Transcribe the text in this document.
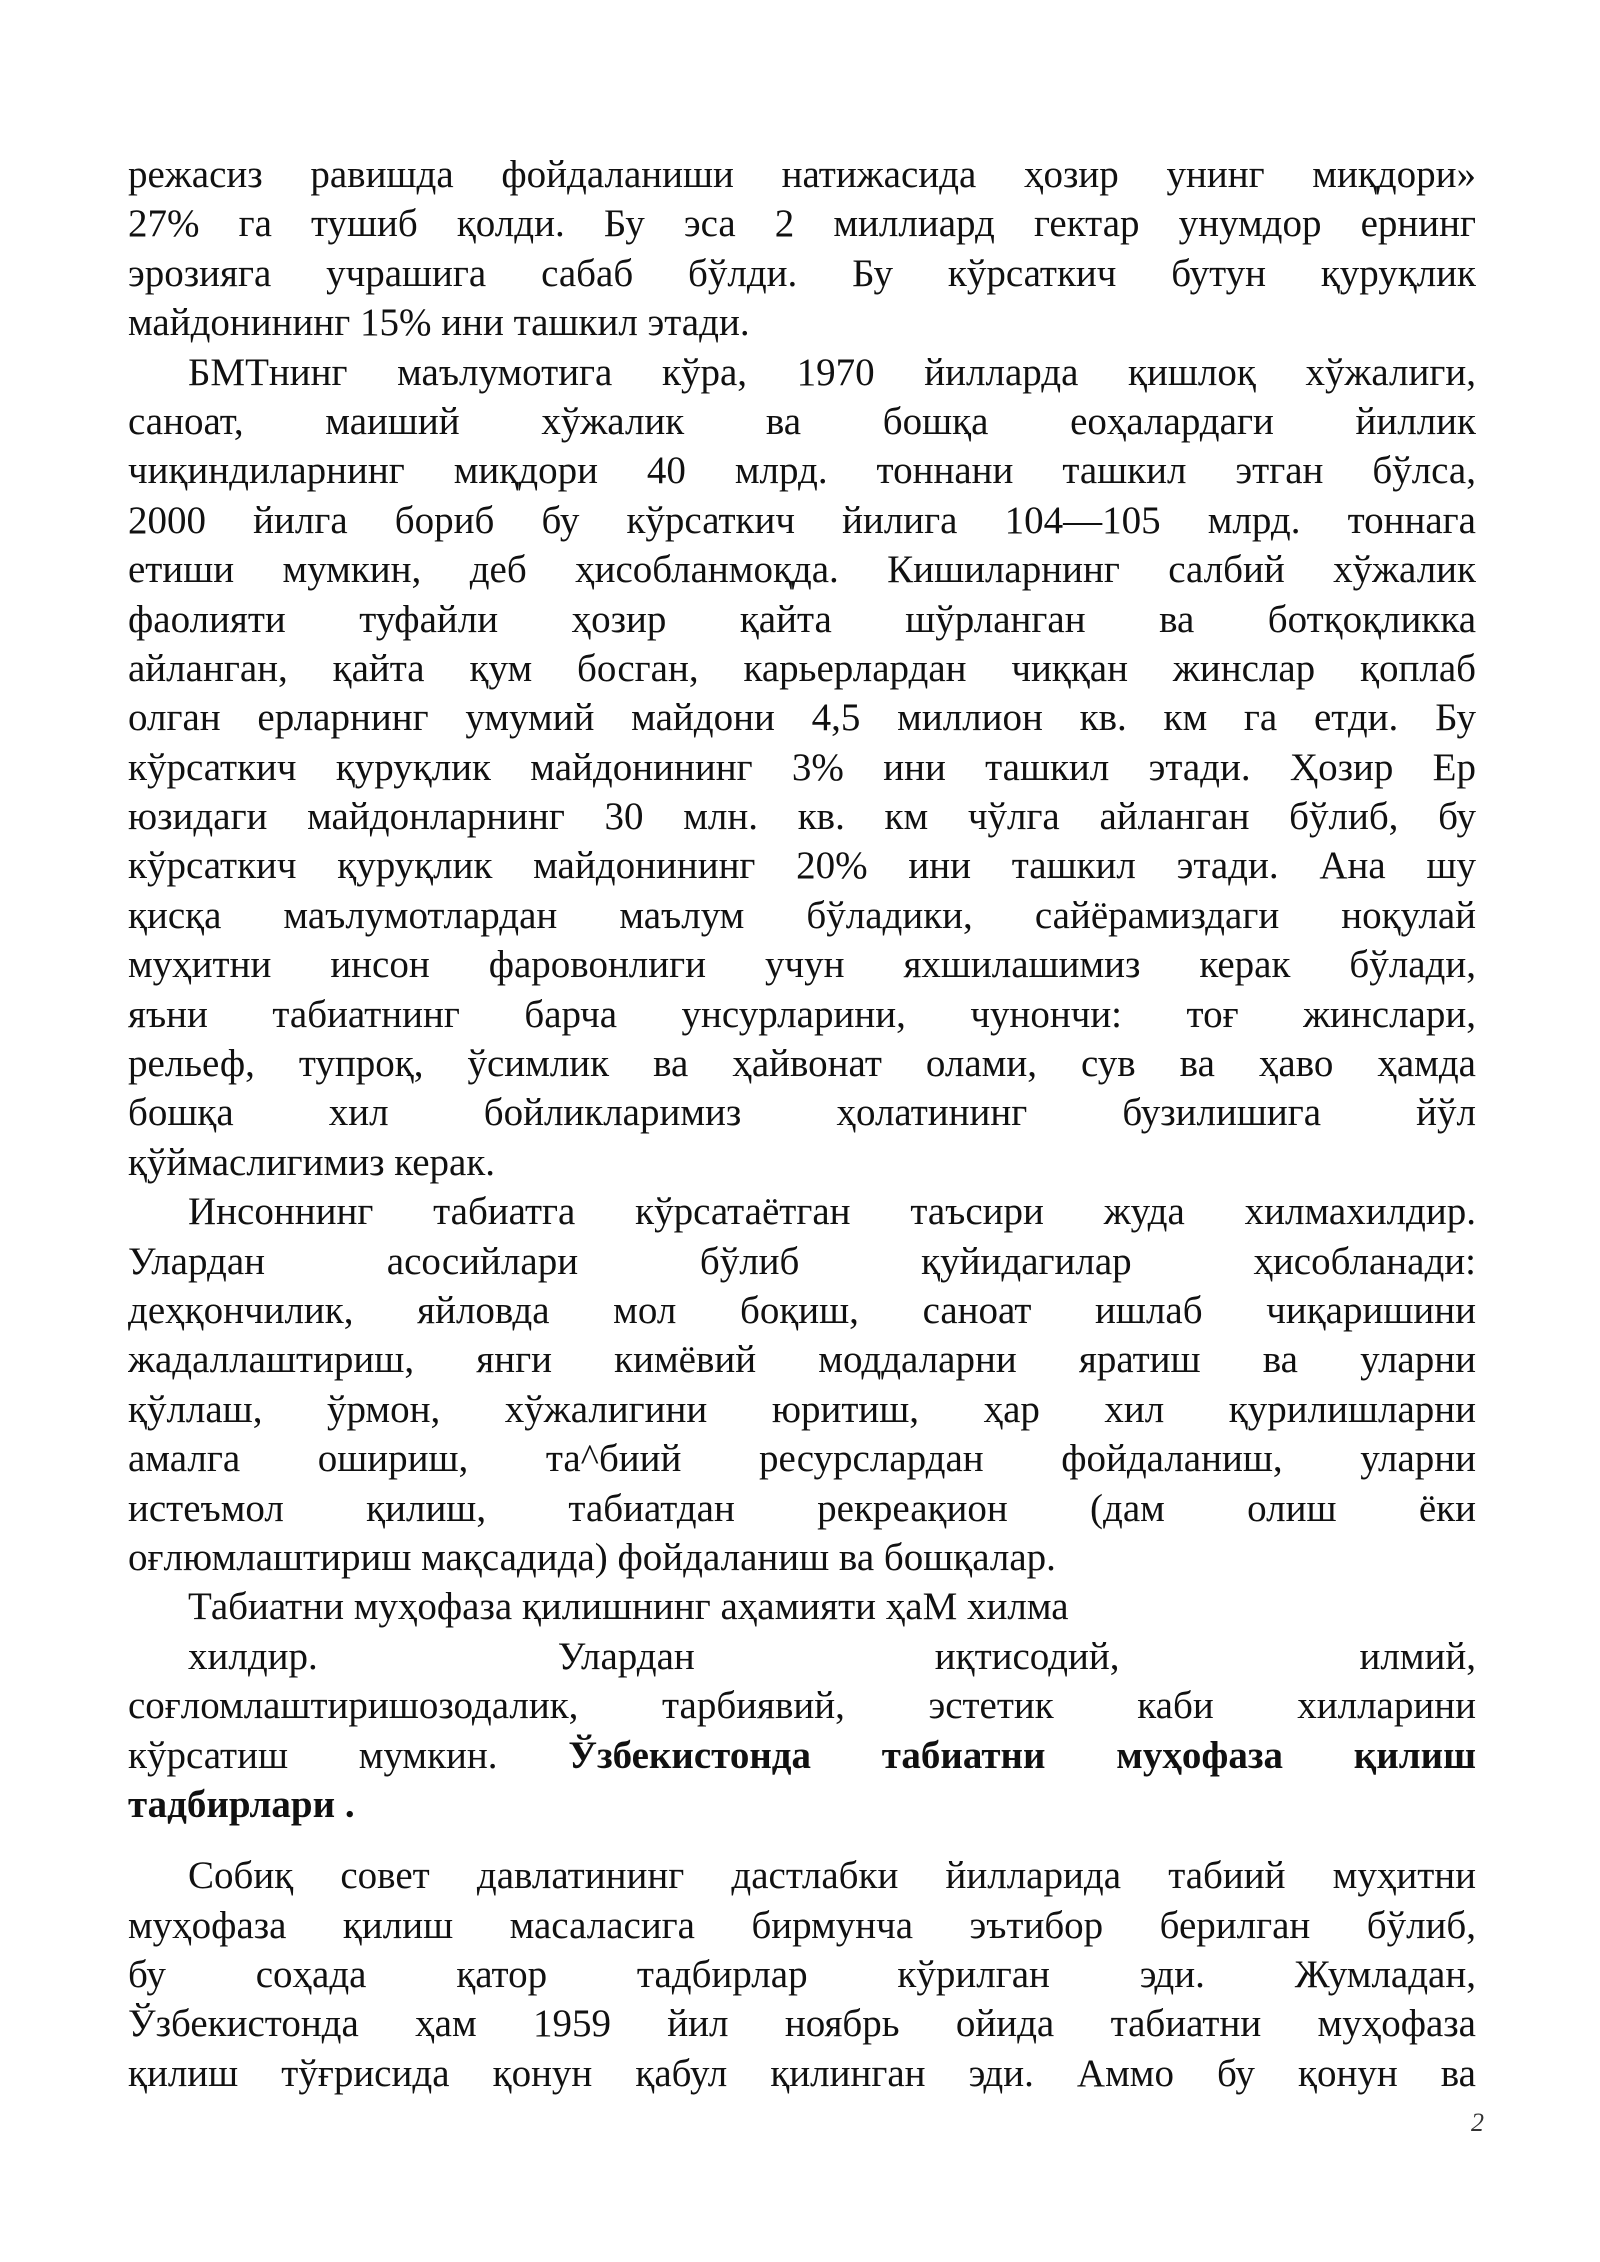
режасиз равишда фойдаланиши натижасида ҳозир унинг миқдори»
27% га тушиб қолди. Бу эса 2 миллиард гектар унумдор ернинг
эрозияга учрашига сабаб бўлди. Бу кўрсаткич бутун қуруқлик
майдонининг 15% ини ташкил этади.
БМТнинг маълумотига кўра, 1970 йилларда қишлоқ хўжалиги,
саноат, маиший хўжалик ва бошқа еоҳалардаги йиллик
чиқиндиларнинг миқдори 40 млрд. тоннани ташкил этган бўлса,
2000 йилга бориб бу кўрсаткич йилига 104—105 млрд. тоннага
етиши мумкин, деб ҳисобланмоқда. Кишиларнинг салбий хўжалик
фаолияти туфайли ҳозир қайта шўрланган ва ботқоқликка
айланган, қайта қум босган, карьерлардан чиққан жинслар қоплаб
олган ерларнинг умумий майдони 4,5 миллион кв. км га етди. Бу
кўрсаткич қуруқлик майдонининг 3% ини ташкил этади. Ҳозир Ер
юзидаги майдонларнинг 30 млн. кв. км чўлга айланган бўлиб, бу
кўрсаткич қуруқлик майдонининг 20% ини ташкил этади. Ана шу
қисқа маълумотлардан маълум бўладики, сайёрамиздаги ноқулай
муҳитни инсон фаровонлиги учун яхшилашимиз керак бўлади,
яъни табиатнинг барча унсурларини, чунончи: тоғ жинслари,
рельеф, тупроқ, ўсимлик ва ҳайвонат олами, сув ва ҳаво ҳамда
бошқа хил бойликларимиз ҳолатининг бузилишига йўл
қўймаслигимиз керак.
Инсоннинг табиатга кўрсатаётган таъсири жуда хилмахилдир.
Улардан асосийлари бўлиб қуйидагилар ҳисобланади:
деҳқончилик, яйловда мол боқиш, саноат ишлаб чиқаришини
жадаллаштириш, янги кимёвий моддаларни яратиш ва уларни
қўллаш, ўрмон, хўжалигини юритиш, ҳар хил қурилишларни
амалга ошириш, та^биий ресурслардан фойдаланиш, уларни
истеъмол қилиш, табиатдан рекреақион (дам олиш ёки
оғлюмлаштириш мақсадида) фойдаланиш ва бошқалар.
Табиатни муҳофаза қилишнинг аҳамияти ҳаМ хилма
хилдир. Улардан иқтисодий, илмий,
соғломлаштиришозодалик, тарбиявий, эстетик каби хилларини
кўрсатиш мумкин. Ўзбекистонда табиатни муҳофаза қилиш
тадбирлари .
Собиқ совет давлатининг дастлабки йилларида табиий муҳитни
муҳофаза қилиш масаласига бирмунча эътибор берилган бўлиб,
бу соҳада қатор тадбирлар кўрилган эди. Жумладан,
Ўзбекистонда ҳам 1959 йил ноябрь ойида табиатни муҳофаза
қилиш тўғрисида қонун қабул қилинган эди. Аммо бу қонун ва
2
